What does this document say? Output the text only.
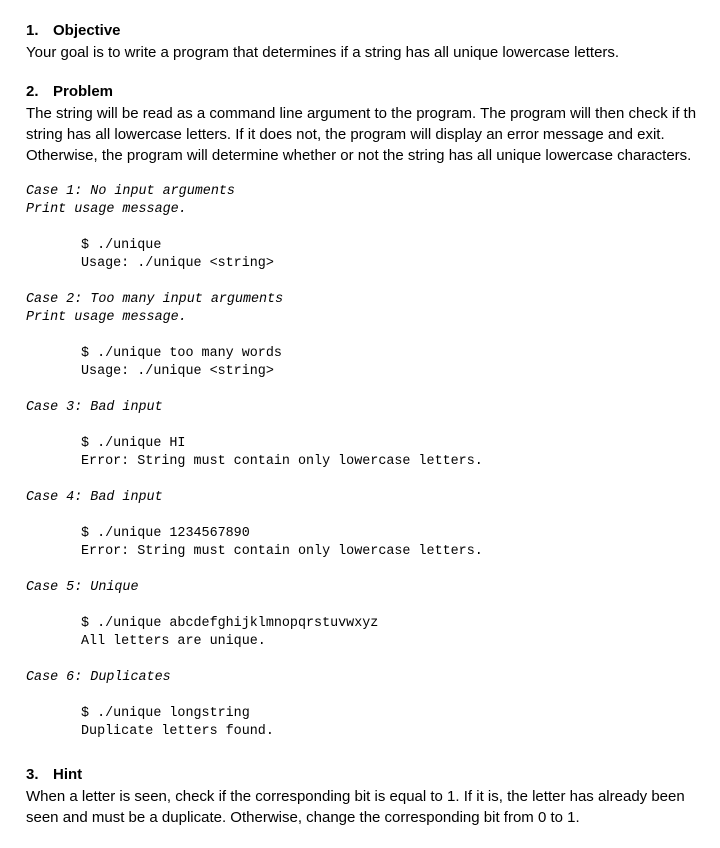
1. Objective
Your goal is to write a program that determines if a string has all unique lowercase letters.
2. Problem
The string will be read as a command line argument to the program. The program will then check if th
string has all lowercase letters. If it does not, the program will display an error message and exit.
Otherwise, the program will determine whether or not the string has all unique lowercase characters.
Case 1: No input arguments
Print usage message.
$ ./unique
Usage: ./unique <string>
Case 2: Too many input arguments
Print usage message.
$ ./unique too many words
Usage: ./unique <string>
Case 3: Bad input
$ ./unique HI
Error: String must contain only lowercase letters.
Case 4: Bad input
$ ./unique 1234567890
Error: String must contain only lowercase letters.
Case 5: Unique
$ ./unique abcdefghijklmnopqrstuvwxyz
All letters are unique.
Case 6: Duplicates
$ ./unique longstring
Duplicate letters found.
3. Hint
When a letter is seen, check if the corresponding bit is equal to 1. If it is, the letter has already been
seen and must be a duplicate. Otherwise, change the corresponding bit from 0 to 1.
